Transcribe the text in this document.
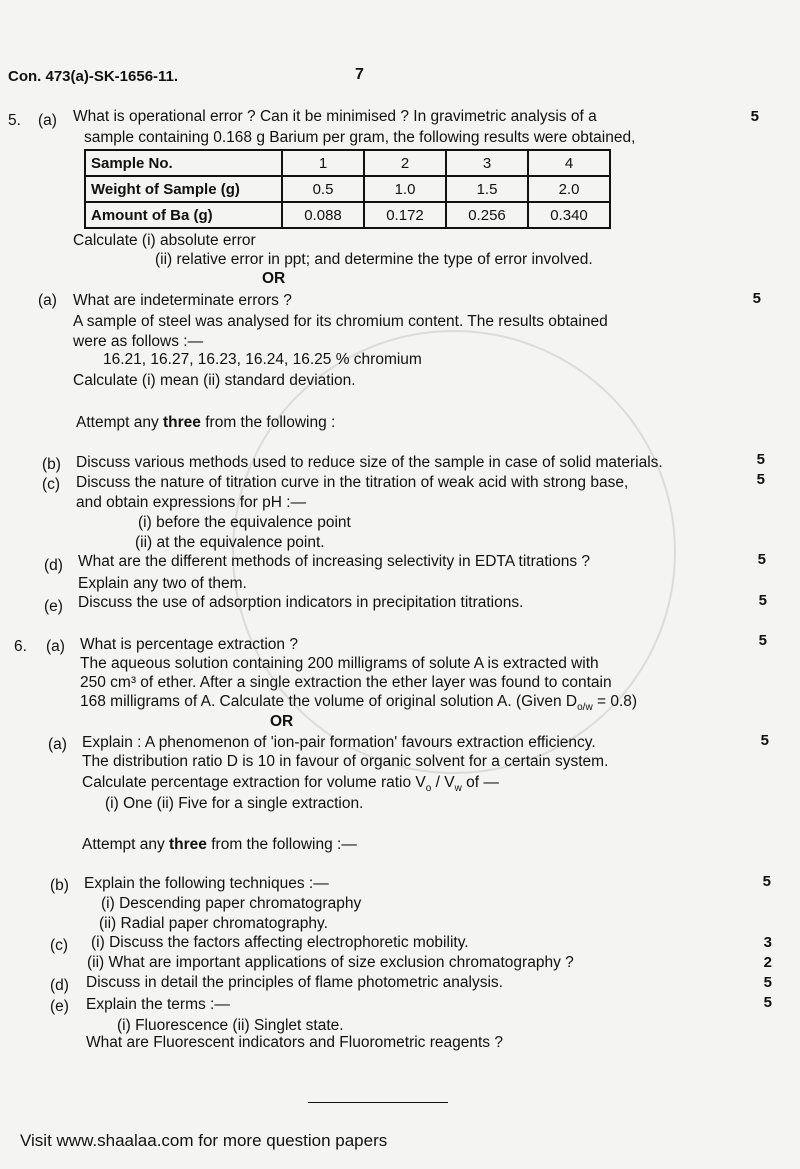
Con. 473(a)-SK-1656-11.	7
5. (a) What is operational error ? Can it be minimised ? In gravimetric analysis of a	5
sample containing 0.168 g Barium per gram, the following results were obtained,
Sample No.	1	2	3	4
Weight of Sample (g)	0.5	1.0	1.5	2.0
Amount of Ba (g)	0.088	0.172	0.256	0.340
Calculate (i) absolute error
(ii) relative error in ppt; and determine the type of error involved.
OR
(a) What are indeterminate errors ?	5
A sample of steel was analysed for its chromium content. The results obtained
were as follows :—
16.21, 16.27, 16.23, 16.24, 16.25 % chromium
Calculate (i) mean (ii) standard deviation.
Attempt any three from the following :
(b) Discuss various methods used to reduce size of the sample in case of solid materials.	5
(c) Discuss the nature of titration curve in the titration of weak acid with strong base,	5
and obtain expressions for pH :—
(i) before the equivalence point
(ii) at the equivalence point.
(d) What are the different methods of increasing selectivity in EDTA titrations ?	5
Explain any two of them.
(e) Discuss the use of adsorption indicators in precipitation titrations.	5
6. (a) What is percentage extraction ?	5
The aqueous solution containing 200 milligrams of solute A is extracted with
250 cm³ of ether. After a single extraction the ether layer was found to contain
168 milligrams of A. Calculate the volume of original solution A. (Given $D_{o/w} = 0.8$)
OR
(a) Explain : A phenomenon of 'ion-pair formation' favours extraction efficiency.	5
The distribution ratio D is 10 in favour of organic solvent for a certain system.
Calculate percentage extraction for volume ratio $V_o / V_w$ of —
(i) One (ii) Five for a single extraction.
Attempt any three from the following :—
(b) Explain the following techniques :—	5
(i) Descending paper chromatography
(ii) Radial paper chromatography.
(c) (i) Discuss the factors affecting electrophoretic mobility.	3
(ii) What are important applications of size exclusion chromatography ?	2
(d) Discuss in detail the principles of flame photometric analysis.	5
(e) Explain the terms :—	5
(i) Fluorescence (ii) Singlet state.
What are Fluorescent indicators and Fluorometric reagents ?
Visit www.shaalaa.com for more question papers
